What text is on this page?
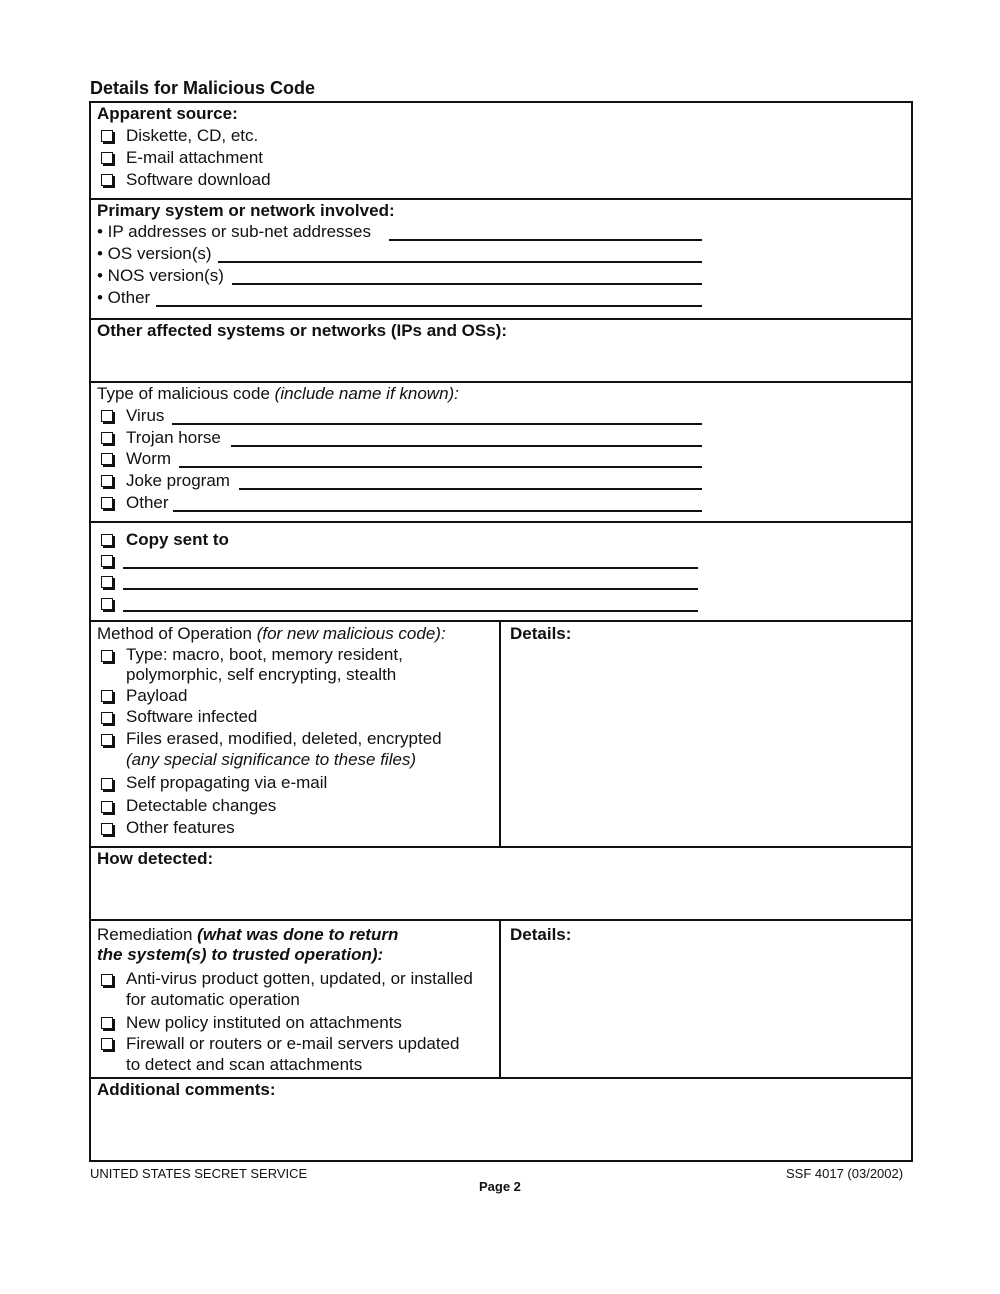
Details for Malicious Code
Apparent source:
Diskette, CD, etc.
E-mail attachment
Software download
Primary system or network involved:
• IP addresses or sub-net addresses
• OS version(s)
• NOS version(s)
• Other
Other affected systems or networks (IPs and OSs):
Type of malicious code (include name if known):
Virus
Trojan horse
Worm
Joke program
Other
Copy sent to
Method of Operation (for new malicious code):
Type: macro, boot, memory resident,
polymorphic, self encrypting, stealth
Payload
Software infected
Files erased, modified, deleted, encrypted
(any special significance to these files)
Self propagating via e-mail
Detectable changes
Other features
Details:
How detected:
Remediation (what was done to return
the system(s) to trusted operation):
Anti-virus product gotten, updated, or installed
for automatic operation
New policy instituted on attachments
Firewall or routers or e-mail servers updated
to detect and scan attachments
Details:
Additional comments:
UNITED STATES SECRET SERVICE
Page 2
SSF 4017 (03/2002)
